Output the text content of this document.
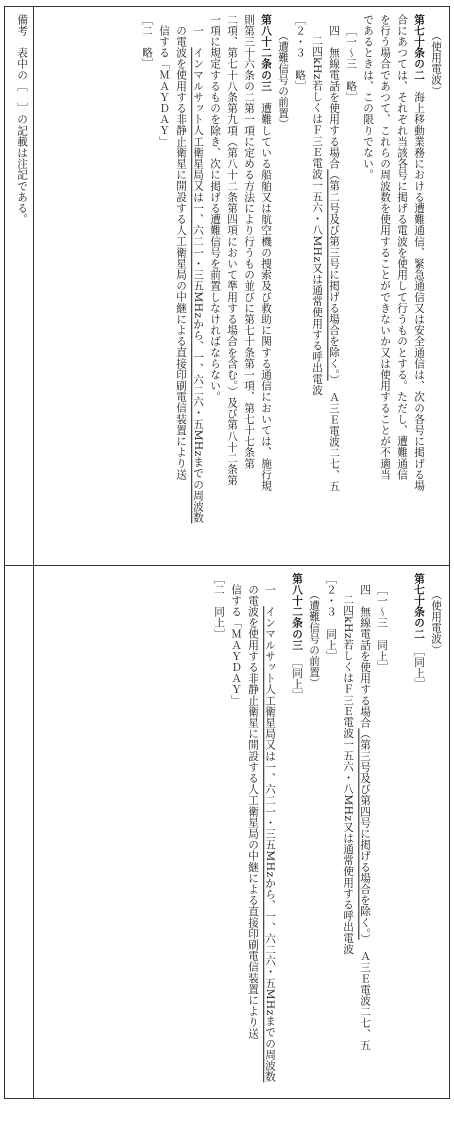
備考　表中の［　］の記載は注記である。	（使用電波）
第七十条の二　海上移動業務における遭難通信、緊急通信又は安全通信は、次の各号に掲げる場
合にあつては、それぞれ当該各号に掲げる電波を使用して行うものとする。ただし、遭難通信
を行う場合であつて、これらの周波数を使用することができないか又は使用することが不適当
であるときは、この限りでない。
［一～三　略］
四　無線電話を使用する場合（第二号及び第三号に掲げる場合を除く。）　Ａ三Ｅ電波二七、五
二四kHz若しくはＦ三Ｅ電波一五六・八MHz又は通常使用する呼出電波
［２・３　略］
（遭難信号の前置）
第八十二条の三　遭難している船舶又は航空機の捜索及び救助に関する通信においては、施行規
則第三十六条の二第一項に定める方法により行うもの並びに第七十条第一項、第七十七条第
二項、第七十八条第九項（第八十二条第四項において準用する場合を含む。）及び第八十二条第
一項に規定するものを除き、次に掲げる遭難信号を前置しなければならない。
一　インマルサット人工衛星局又は一、六二一・三五MHzから、一、六二六・五MHzまでの周波数
の電波を使用する非静止衛星に開設する人工衛星局の中継による直接印刷電信装置により送
信する「ＭＡＹＤＡＹ」
［二　略］
（使用電波）
第七十条の二　［同上］
［一～三　同上］
四　無線電話を使用する場合（第三号及び第四号に掲げる場合を除く。）　Ａ三Ｅ電波二七、五
二四kHz若しくはＦ三Ｅ電波一五六・八MHz又は通常使用する呼出電波
［２・３　同上］
（遭難信号の前置）
第八十二条の三　［同上］
一　インマルサット人工衛星局又は一、六二一・三五MHzから、一、六二六・五MHzまでの周波数
の電波を使用する非静止衛星に開設する人工衛星局の中継による直接印刷電信装置により送
信する「ＭＡＹＤＡＹ」
［二　同上］
